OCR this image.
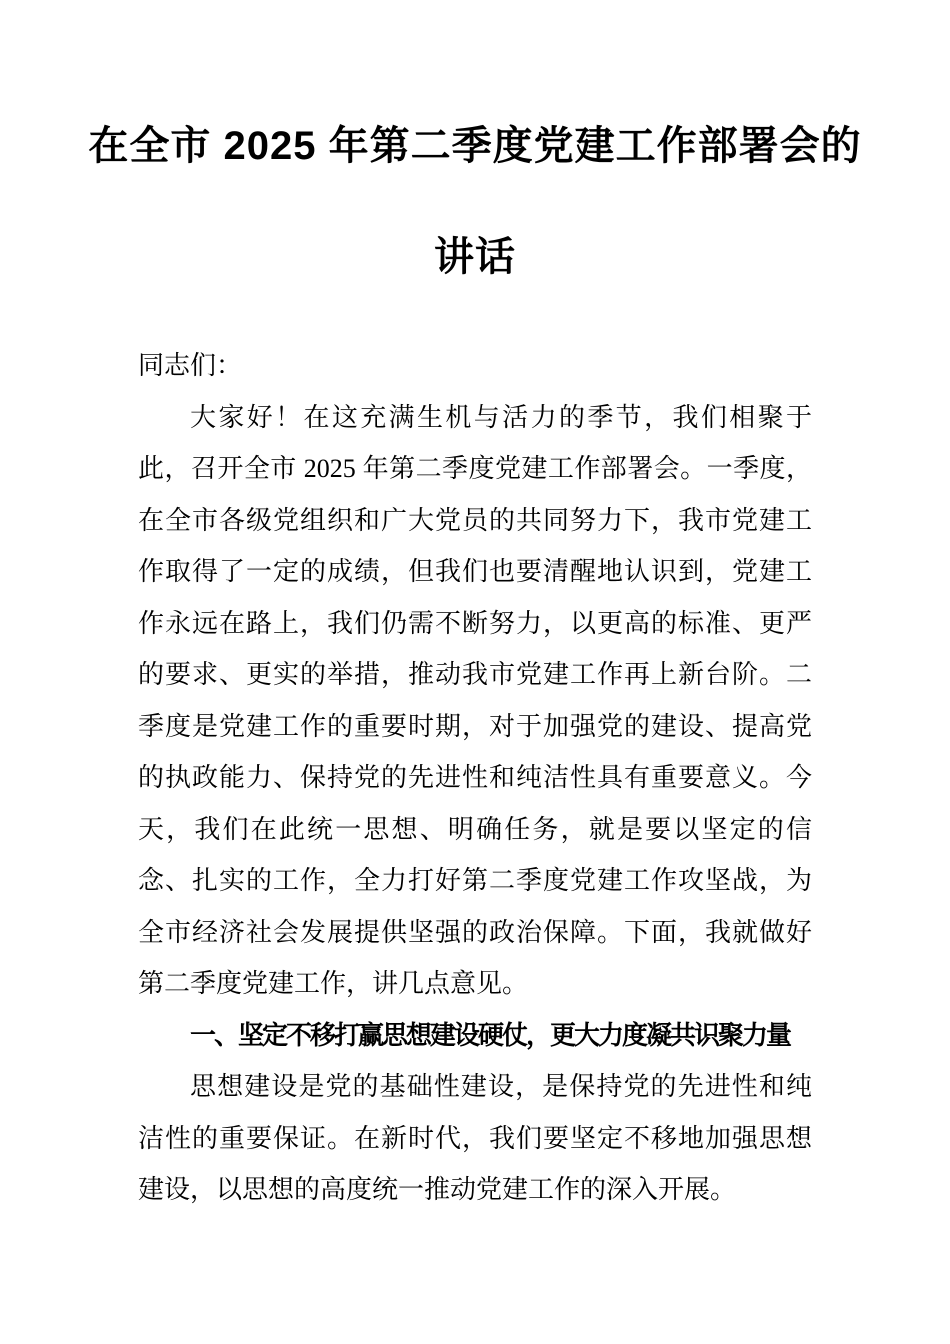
在全市 2025 年第二季度党建工作部署会的
讲话

同志们：

大家好！在这充满生机与活力的季节，我们相聚于此，召开全市 2025 年第二季度党建工作部署会。一季度，在全市各级党组织和广大党员的共同努力下，我市党建工作取得了一定的成绩，但我们也要清醒地认识到，党建工作永远在路上，我们仍需不断努力，以更高的标准、更严的要求、更实的举措，推动我市党建工作再上新台阶。二季度是党建工作的重要时期，对于加强党的建设、提高党的执政能力、保持党的先进性和纯洁性具有重要意义。今天，我们在此统一思想、明确任务，就是要以坚定的信念、扎实的工作，全力打好第二季度党建工作攻坚战，为全市经济社会发展提供坚强的政治保障。下面，我就做好第二季度党建工作，讲几点意见。

一、坚定不移打赢思想建设硬仗，更大力度凝共识聚力量

思想建设是党的基础性建设，是保持党的先进性和纯洁性的重要保证。在新时代，我们要坚定不移地加强思想建设，以思想的高度统一推动党建工作的深入开展。
